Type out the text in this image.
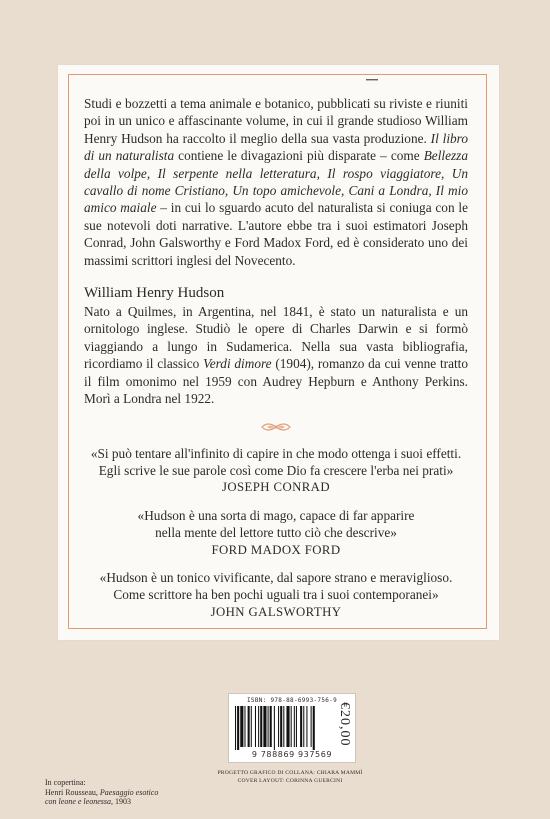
Studi e bozzetti a tema animale e botanico, pubblicati su riviste e riuniti poi in un unico e affascinante volume, in cui il grande studioso William Henry Hudson ha raccolto il meglio della sua vasta produzione. Il libro di un naturalista contiene le divagazioni più disparate – come Bellezza della volpe, Il serpente nella letteratura, Il rospo viaggiatore, Un cavallo di nome Cristiano, Un topo amichevole, Cani a Londra, Il mio amico maiale – in cui lo sguardo acuto del naturalista si coniuga con le sue notevoli doti narrative. L'autore ebbe tra i suoi estimatori Joseph Conrad, John Galsworthy e Ford Madox Ford, ed è considerato uno dei massimi scrittori inglesi del Novecento.

William Henry Hudson

Nato a Quilmes, in Argentina, nel 1841, è stato un naturalista e un ornitologo inglese. Studiò le opere di Charles Darwin e si formò viaggiando a lungo in Sudamerica. Nella sua vasta bibliografia, ricordiamo il classico Verdi dimore (1904), romanzo da cui venne tratto il film omonimo nel 1959 con Audrey Hepburn e Anthony Perkins. Morì a Londra nel 1922.

«Si può tentare all'infinito di capire in che modo ottenga i suoi effetti.
Egli scrive le sue parole così come Dio fa crescere l'erba nei prati»
JOSEPH CONRAD

«Hudson è una sorta di mago, capace di far apparire
nella mente del lettore tutto ciò che descrive»
FORD MADOX FORD

«Hudson è un tonico vivificante, dal sapore strano e meraviglioso.
Come scrittore ha ben pochi uguali tra i suoi contemporanei»
JOHN GALSWORTHY

ISBN: 978-88-6993-756-9
9 788869 937569
€20,00
PROGETTO GRAFICO DI COLLANA: CHIARA MAMMÌ
COVER LAYOUT: CORINNA GUERCINI

In copertina:

Henri Rousseau, Paesaggio esotico

con leone e leonessa, 1903
